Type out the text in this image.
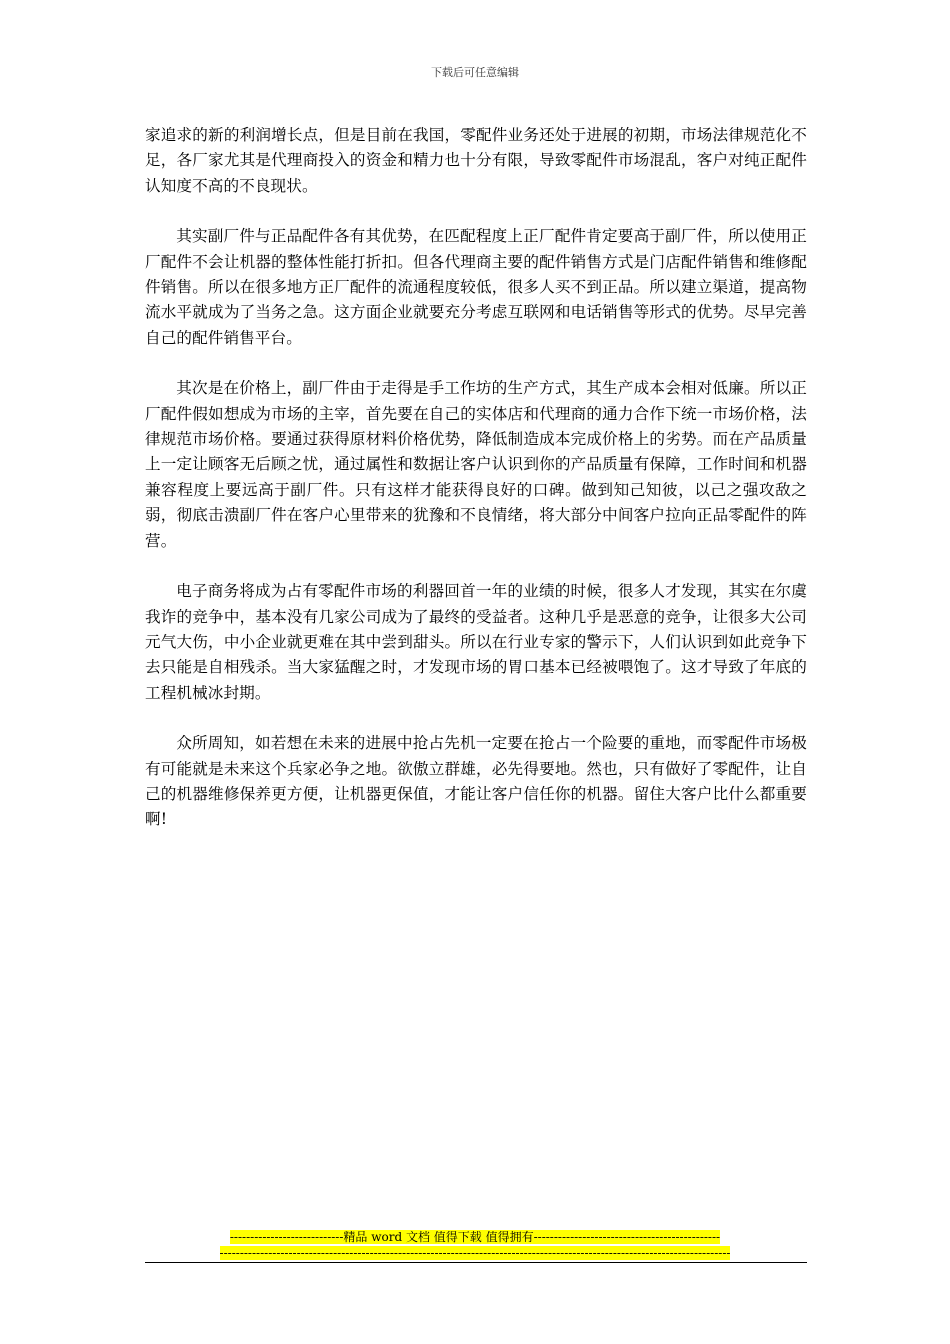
下载后可任意编辑

家追求的新的利润增长点，但是目前在我国，零配件业务还处于进展的初期，市场法律规范化不足，各厂家尤其是代理商投入的资金和精力也十分有限，导致零配件市场混乱，客户对纯正配件认知度不高的不良现状。

其实副厂件与正品配件各有其优势，在匹配程度上正厂配件肯定要高于副厂件，所以使用正厂配件不会让机器的整体性能打折扣。但各代理商主要的配件销售方式是门店配件销售和维修配件销售。所以在很多地方正厂配件的流通程度较低，很多人买不到正品。所以建立渠道，提高物流水平就成为了当务之急。这方面企业就要充分考虑互联网和电话销售等形式的优势。尽早完善自己的配件销售平台。

其次是在价格上，副厂件由于走得是手工作坊的生产方式，其生产成本会相对低廉。所以正厂配件假如想成为市场的主宰，首先要在自己的实体店和代理商的通力合作下统一市场价格，法律规范市场价格。要通过获得原材料价格优势，降低制造成本完成价格上的劣势。而在产品质量上一定让顾客无后顾之忧，通过属性和数据让客户认识到你的产品质量有保障，工作时间和机器兼容程度上要远高于副厂件。只有这样才能获得良好的口碑。做到知己知彼，以己之强攻敌之弱，彻底击溃副厂件在客户心里带来的犹豫和不良情绪，将大部分中间客户拉向正品零配件的阵营。

电子商务将成为占有零配件市场的利器回首一年的业绩的时候，很多人才发现，其实在尔虞我诈的竞争中，基本没有几家公司成为了最终的受益者。这种几乎是恶意的竞争，让很多大公司元气大伤，中小企业就更难在其中尝到甜头。所以在行业专家的警示下，人们认识到如此竞争下去只能是自相残杀。当大家猛醒之时，才发现市场的胃口基本已经被喂饱了。这才导致了年底的工程机械冰封期。

众所周知，如若想在未来的进展中抢占先机一定要在抢占一个险要的重地，而零配件市场极有可能就是未来这个兵家必争之地。欲傲立群雄，必先得要地。然也，只有做好了零配件，让自己的机器维修保养更方便，让机器更保值，才能让客户信任你的机器。留住大客户比什么都重要啊!

----------------------------精品 word 文档 值得下载 值得拥有----------------------------------------------
------------------------------------------------------------------------------------------------------------------------------
